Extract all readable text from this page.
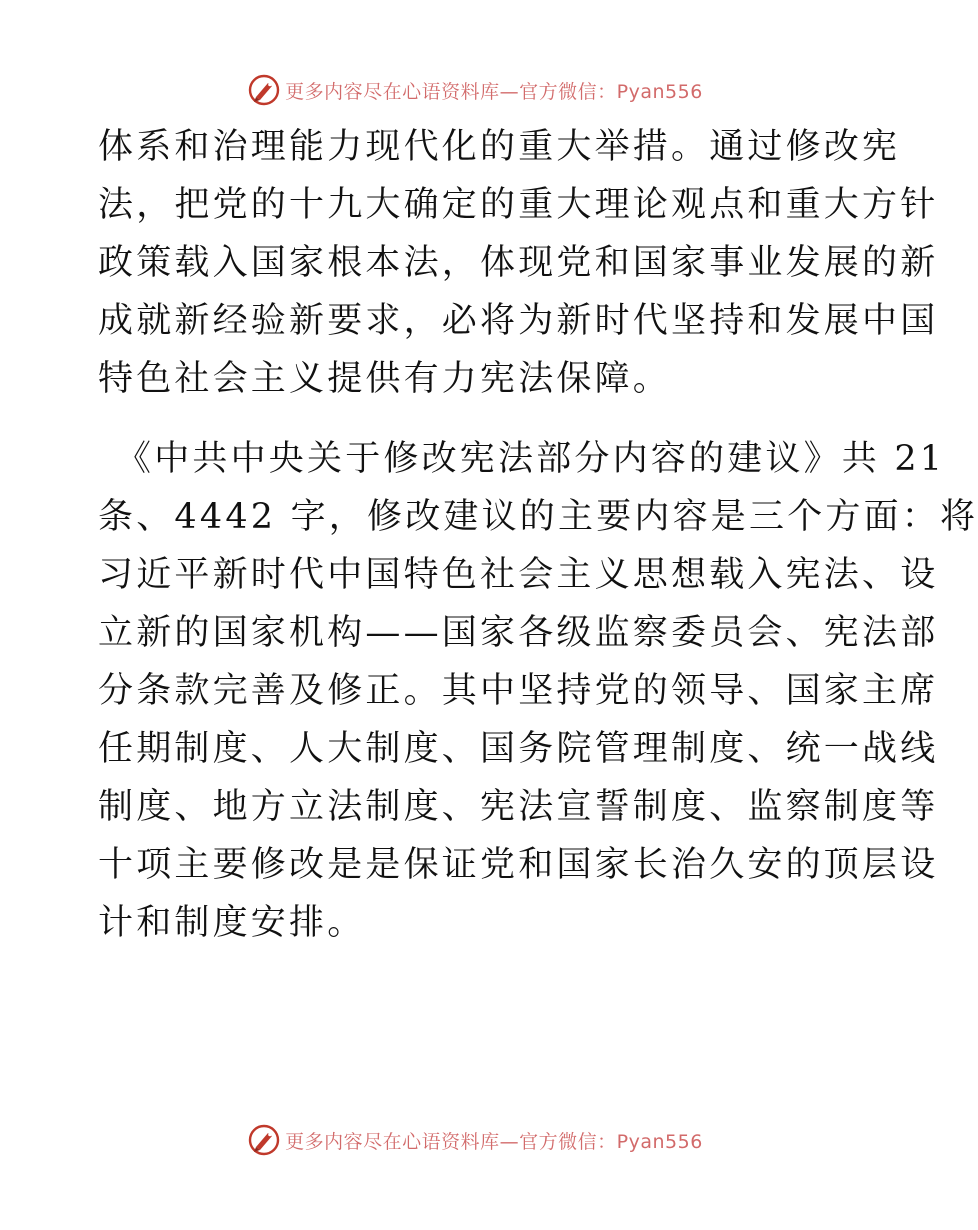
更多内容尽在心语资料库—官方微信：Pyan556
体系和治理能力现代化的重大举措。通过修改宪
法，把党的十九大确定的重大理论观点和重大方针
政策载入国家根本法，体现党和国家事业发展的新
成就新经验新要求，必将为新时代坚持和发展中国
特色社会主义提供有力宪法保障。
《中共中央关于修改宪法部分内容的建议》共 21
条、4442 字，修改建议的主要内容是三个方面：将
习近平新时代中国特色社会主义思想载入宪法、设
立新的国家机构——国家各级监察委员会、宪法部
分条款完善及修正。其中坚持党的领导、国家主席
任期制度、人大制度、国务院管理制度、统一战线
制度、地方立法制度、宪法宣誓制度、监察制度等
十项主要修改是是保证党和国家长治久安的顶层设
计和制度安排。
更多内容尽在心语资料库—官方微信：Pyan556
